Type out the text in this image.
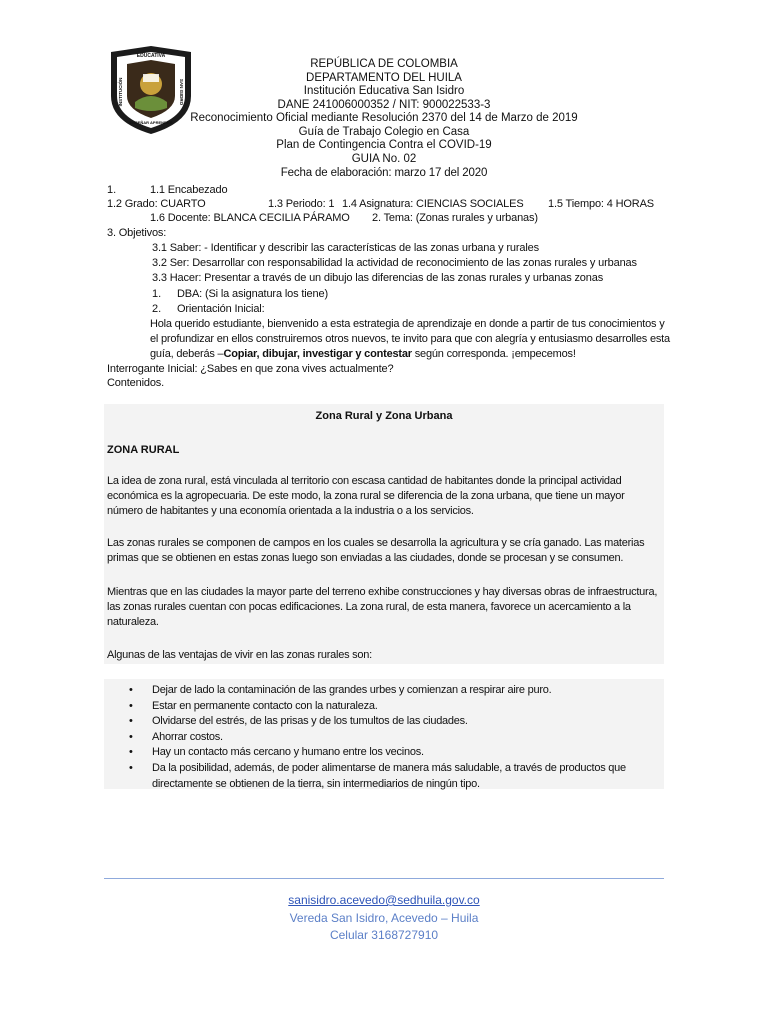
EDUCATIVA
INSTITUCIÓN	SAN ISIDRO
ENSEÑAR APRENDER
REPÚBLICA DE COLOMBIA
DEPARTAMENTO DEL HUILA
Institución Educativa San Isidro
DANE 241006000352 / NIT: 900022533-3
Reconocimiento Oficial mediante Resolución 2370 del 14 de Marzo de 2019
Guía de Trabajo Colegio en Casa
Plan de Contingencia Contra el COVID-19
GUIA No. 02
Fecha de elaboración: marzo 17 del 2020
1.	1.1 Encabezado
1.2 Grado: CUARTO	1.3 Periodo: 1 1.4 Asignatura: CIENCIAS SOCIALES 1.5 Tiempo: 4 HORAS
1.6 Docente: BLANCA CECILIA PÁRAMO 2. Tema: (Zonas rurales y urbanas)
3. Objetivos:
3.1 Saber: - Identificar y describir las características de las zonas urbana y rurales
3.2 Ser: Desarrollar con responsabilidad la actividad de reconocimiento de las zonas rurales y urbanas
3.3 Hacer: Presentar a través de un dibujo las diferencias de las zonas rurales y urbanas zonas
1. DBA: (Si la asignatura los tiene)
2. Orientación Inicial:
Hola querido estudiante, bienvenido a esta estrategia de aprendizaje en donde a partir de tus conocimientos y el profundizar en ellos construiremos otros nuevos, te invito para que con alegría y entusiasmo desarrolles esta guía, deberás –Copiar, dibujar, investigar y contestar según corresponda. ¡empecemos!
Interrogante Inicial: ¿Sabes en que zona vives actualmente?
Contenidos.
Zona Rural y Zona Urbana
ZONA RURAL
La idea de zona rural, está vinculada al territorio con escasa cantidad de habitantes donde la principal actividad económica es la agropecuaria. De este modo, la zona rural se diferencia de la zona urbana, que tiene un mayor número de habitantes y una economía orientada a la industria o a los servicios.
Las zonas rurales se componen de campos en los cuales se desarrolla la agricultura y se cría ganado. Las materias primas que se obtienen en estas zonas luego son enviadas a las ciudades, donde se procesan y se consumen.
Mientras que en las ciudades la mayor parte del terreno exhibe construcciones y hay diversas obras de infraestructura, las zonas rurales cuentan con pocas edificaciones. La zona rural, de esta manera, favorece un acercamiento a la naturaleza.
Algunas de las ventajas de vivir en las zonas rurales son:
• Dejar de lado la contaminación de las grandes urbes y comienzan a respirar aire puro.
• Estar en permanente contacto con la naturaleza.
• Olvidarse del estrés, de las prisas y de los tumultos de las ciudades.
• Ahorrar costos.
• Hay un contacto más cercano y humano entre los vecinos.
• Da la posibilidad, además, de poder alimentarse de manera más saludable, a través de productos que directamente se obtienen de la tierra, sin intermediarios de ningún tipo.
sanisidro.acevedo@sedhuila.gov.co
Vereda San Isidro, Acevedo – Huila
Celular 3168727910
